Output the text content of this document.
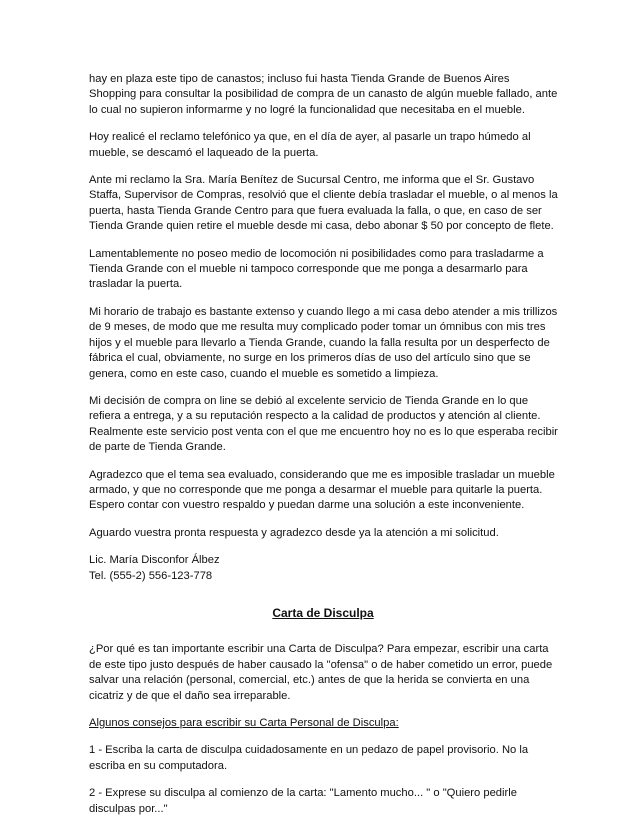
hay en plaza este tipo de canastos; incluso fui hasta Tienda Grande de Buenos Aires
Shopping para consultar la posibilidad de compra de un canasto de algún mueble fallado, ante
lo cual no supieron informarme y no logré la funcionalidad que necesitaba en el mueble.

Hoy realicé el reclamo telefónico ya que, en el día de ayer, al pasarle un trapo húmedo al
mueble, se descamó el laqueado de la puerta.

Ante mi reclamo la Sra. María Benítez de Sucursal Centro, me informa que el Sr. Gustavo
Staffa, Supervisor de Compras, resolvió que el cliente debía trasladar el mueble, o al menos la
puerta, hasta Tienda Grande Centro para que fuera evaluada la falla, o que, en caso de ser
Tienda Grande quien retire el mueble desde mi casa, debo abonar $ 50 por concepto de flete.

Lamentablemente no poseo medio de locomoción ni posibilidades como para trasladarme a
Tienda Grande con el mueble ni tampoco corresponde que me ponga a desarmarlo para
trasladar la puerta.

Mi horario de trabajo es bastante extenso y cuando llego a mi casa debo atender a mis trillizos
de 9 meses, de modo que me resulta muy complicado poder tomar un ómnibus con mis tres
hijos y el mueble para llevarlo a Tienda Grande, cuando la falla resulta por un desperfecto de
fábrica el cual, obviamente, no surge en los primeros días de uso del artículo sino que se
genera, como en este caso, cuando el mueble es sometido a limpieza.

Mi decisión de compra on line se debió al excelente servicio de Tienda Grande en lo que
refiera a entrega, y a su reputación respecto a la calidad de productos y atención al cliente.
Realmente este servicio post venta con el que me encuentro hoy no es lo que esperaba recibir
de parte de Tienda Grande.

Agradezco que el tema sea evaluado, considerando que me es imposible trasladar un mueble
armado, y que no corresponde que me ponga a desarmar el mueble para quitarle la puerta.
Espero contar con vuestro respaldo y puedan darme una solución a este inconveniente.

Aguardo vuestra pronta respuesta y agradezco desde ya la atención a mi solicitud.

Lic. María Disconfor Álbez
Tel. (555-2) 556-123-778

Carta de Disculpa

¿Por qué es tan importante escribir una Carta de Disculpa? Para empezar, escribir una carta
de este tipo justo después de haber causado la "ofensa" o de haber cometido un error, puede
salvar una relación (personal, comercial, etc.) antes de que la herida se convierta en una
cicatriz y de que el daño sea irreparable.

Algunos consejos para escribir su Carta Personal de Disculpa:

1 - Escriba la carta de disculpa cuidadosamente en un pedazo de papel provisorio. No la
escriba en su computadora.

2 - Exprese su disculpa al comienzo de la carta: "Lamento mucho... " o "Quiero pedirle
disculpas por..."
